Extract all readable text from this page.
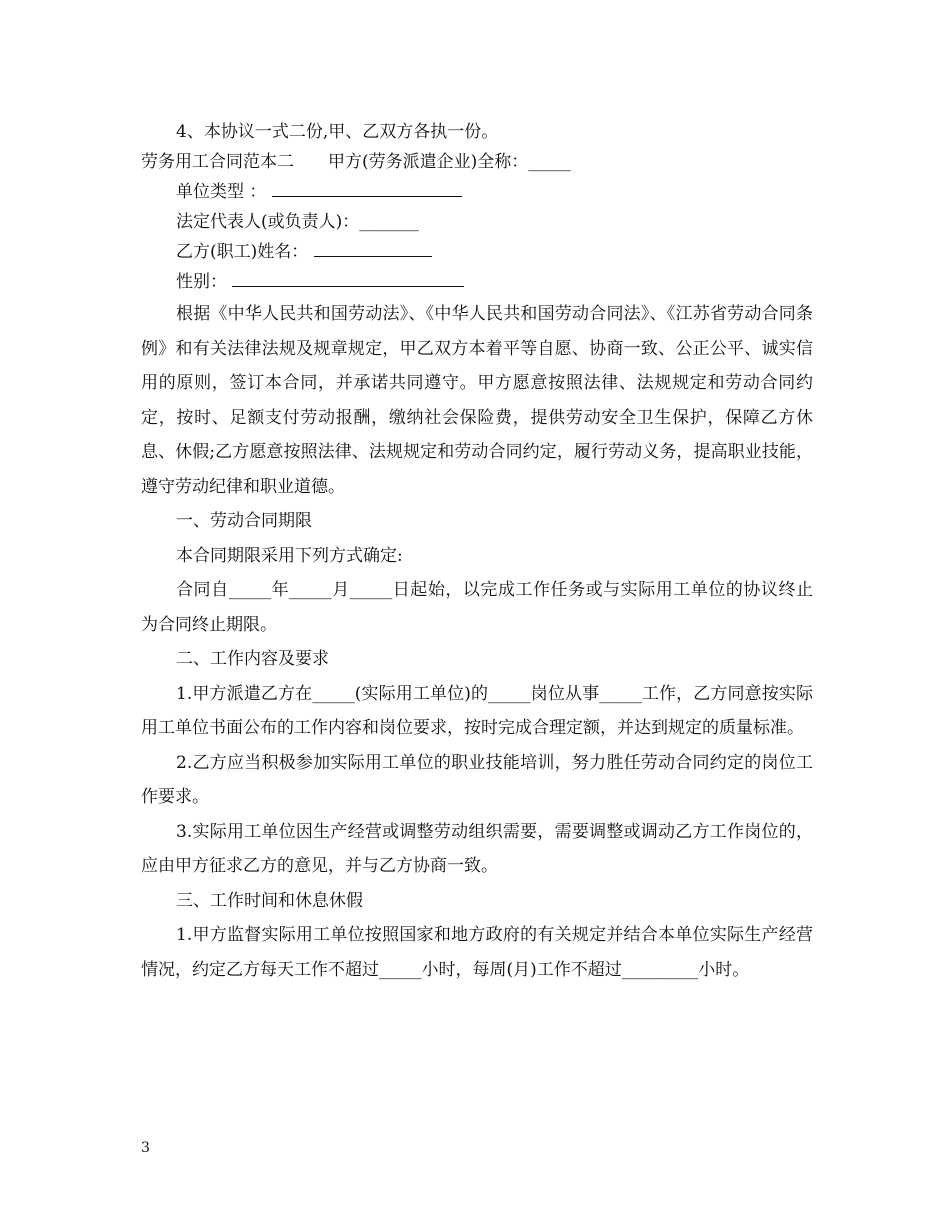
4、本协议一式二份,甲、乙双方各执一份。

劳务用工合同范本二 甲方(劳务派遣企业)全称：_____

单位类型 ：

法定代表人(或负责人)：_______

乙方(职工)姓名：

性别：

根据《中华人民共和国劳动法》、《中华人民共和国劳动合同法》、《江苏省劳动合同条例》和有关法律法规及规章规定，甲乙双方本着平等自愿、协商一致、公正公平、诚实信用的原则，签订本合同，并承诺共同遵守。甲方愿意按照法律、法规规定和劳动合同约定，按时、足额支付劳动报酬，缴纳社会保险费，提供劳动安全卫生保护，保障乙方休息、休假;乙方愿意按照法律、法规规定和劳动合同约定，履行劳动义务，提高职业技能，遵守劳动纪律和职业道德。

一、劳动合同期限

本合同期限采用下列方式确定:

合同自_____年_____月_____日起始，以完成工作任务或与实际用工单位的协议终止为合同终止期限。

二、工作内容及要求

1.甲方派遣乙方在_____(实际用工单位)的_____岗位从事_____工作，乙方同意按实际用工单位书面公布的工作内容和岗位要求，按时完成合理定额，并达到规定的质量标准。

2.乙方应当积极参加实际用工单位的职业技能培训，努力胜任劳动合同约定的岗位工作要求。

3.实际用工单位因生产经营或调整劳动组织需要，需要调整或调动乙方工作岗位的，应由甲方征求乙方的意见，并与乙方协商一致。

三、工作时间和休息休假

1.甲方监督实际用工单位按照国家和地方政府的有关规定并结合本单位实际生产经营情况，约定乙方每天工作不超过_____小时，每周(月)工作不超过_________小时。

3
